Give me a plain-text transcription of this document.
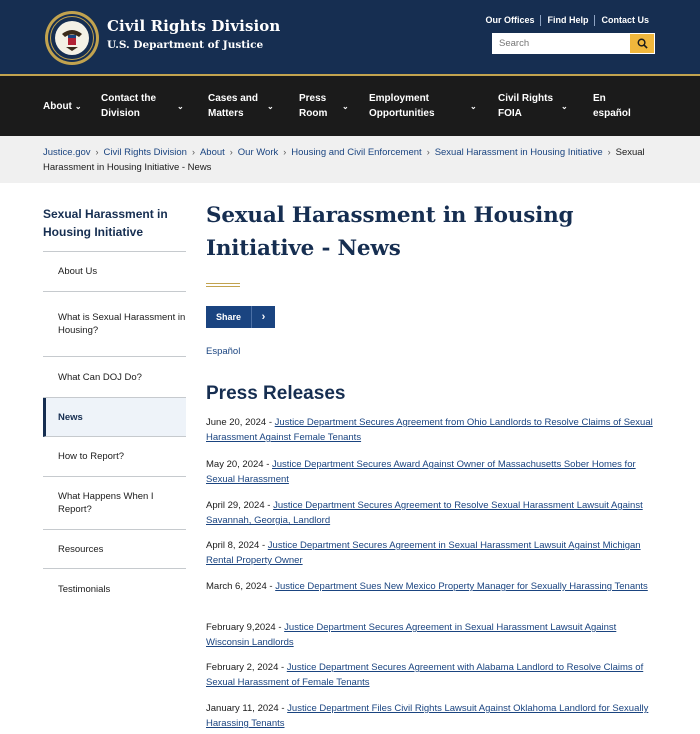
Civil Rights Division
U.S. Department of Justice
Our Offices	Find Help	Contact Us
Search
About ⌄
Contact the Division
⌄
Cases and Matters
⌄
Press Room
⌄
Employment Opportunities
⌄
Civil Rights FOIA
⌄
En español
Justice.gov › Civil Rights Division › About › Our Work › Housing and Civil Enforcement › Sexual Harassment in Housing Initiative › Sexual Harassment in Housing Initiative - News
Sexual Harassment in Housing Initiative
About Us
What is Sexual Harassment in Housing?
What Can DOJ Do?
News
How to Report?
What Happens When I Report?
Resources
Testimonials
Sexual Harassment in Housing Initiative - News
Share	›
Español
Press Releases
June 20, 2024 - Justice Department Secures Agreement from Ohio Landlords to Resolve Claims of Sexual Harassment Against Female Tenants
May 20, 2024 - Justice Department Secures Award Against Owner of Massachusetts Sober Homes for Sexual Harassment
April 29, 2024 - Justice Department Secures Agreement to Resolve Sexual Harassment Lawsuit Against Savannah, Georgia, Landlord
April 8, 2024 - Justice Department Secures Agreement in Sexual Harassment Lawsuit Against Michigan Rental Property Owner
March 6, 2024 - Justice Department Sues New Mexico Property Manager for Sexually Harassing Tenants
February 9,2024 - Justice Department Secures Agreement in Sexual Harassment Lawsuit Against Wisconsin Landlords
February 2, 2024 - Justice Department Secures Agreement with Alabama Landlord to Resolve Claims of Sexual Harassment of Female Tenants
January 11, 2024 - Justice Department Files Civil Rights Lawsuit Against Oklahoma Landlord for Sexually Harassing Tenants
